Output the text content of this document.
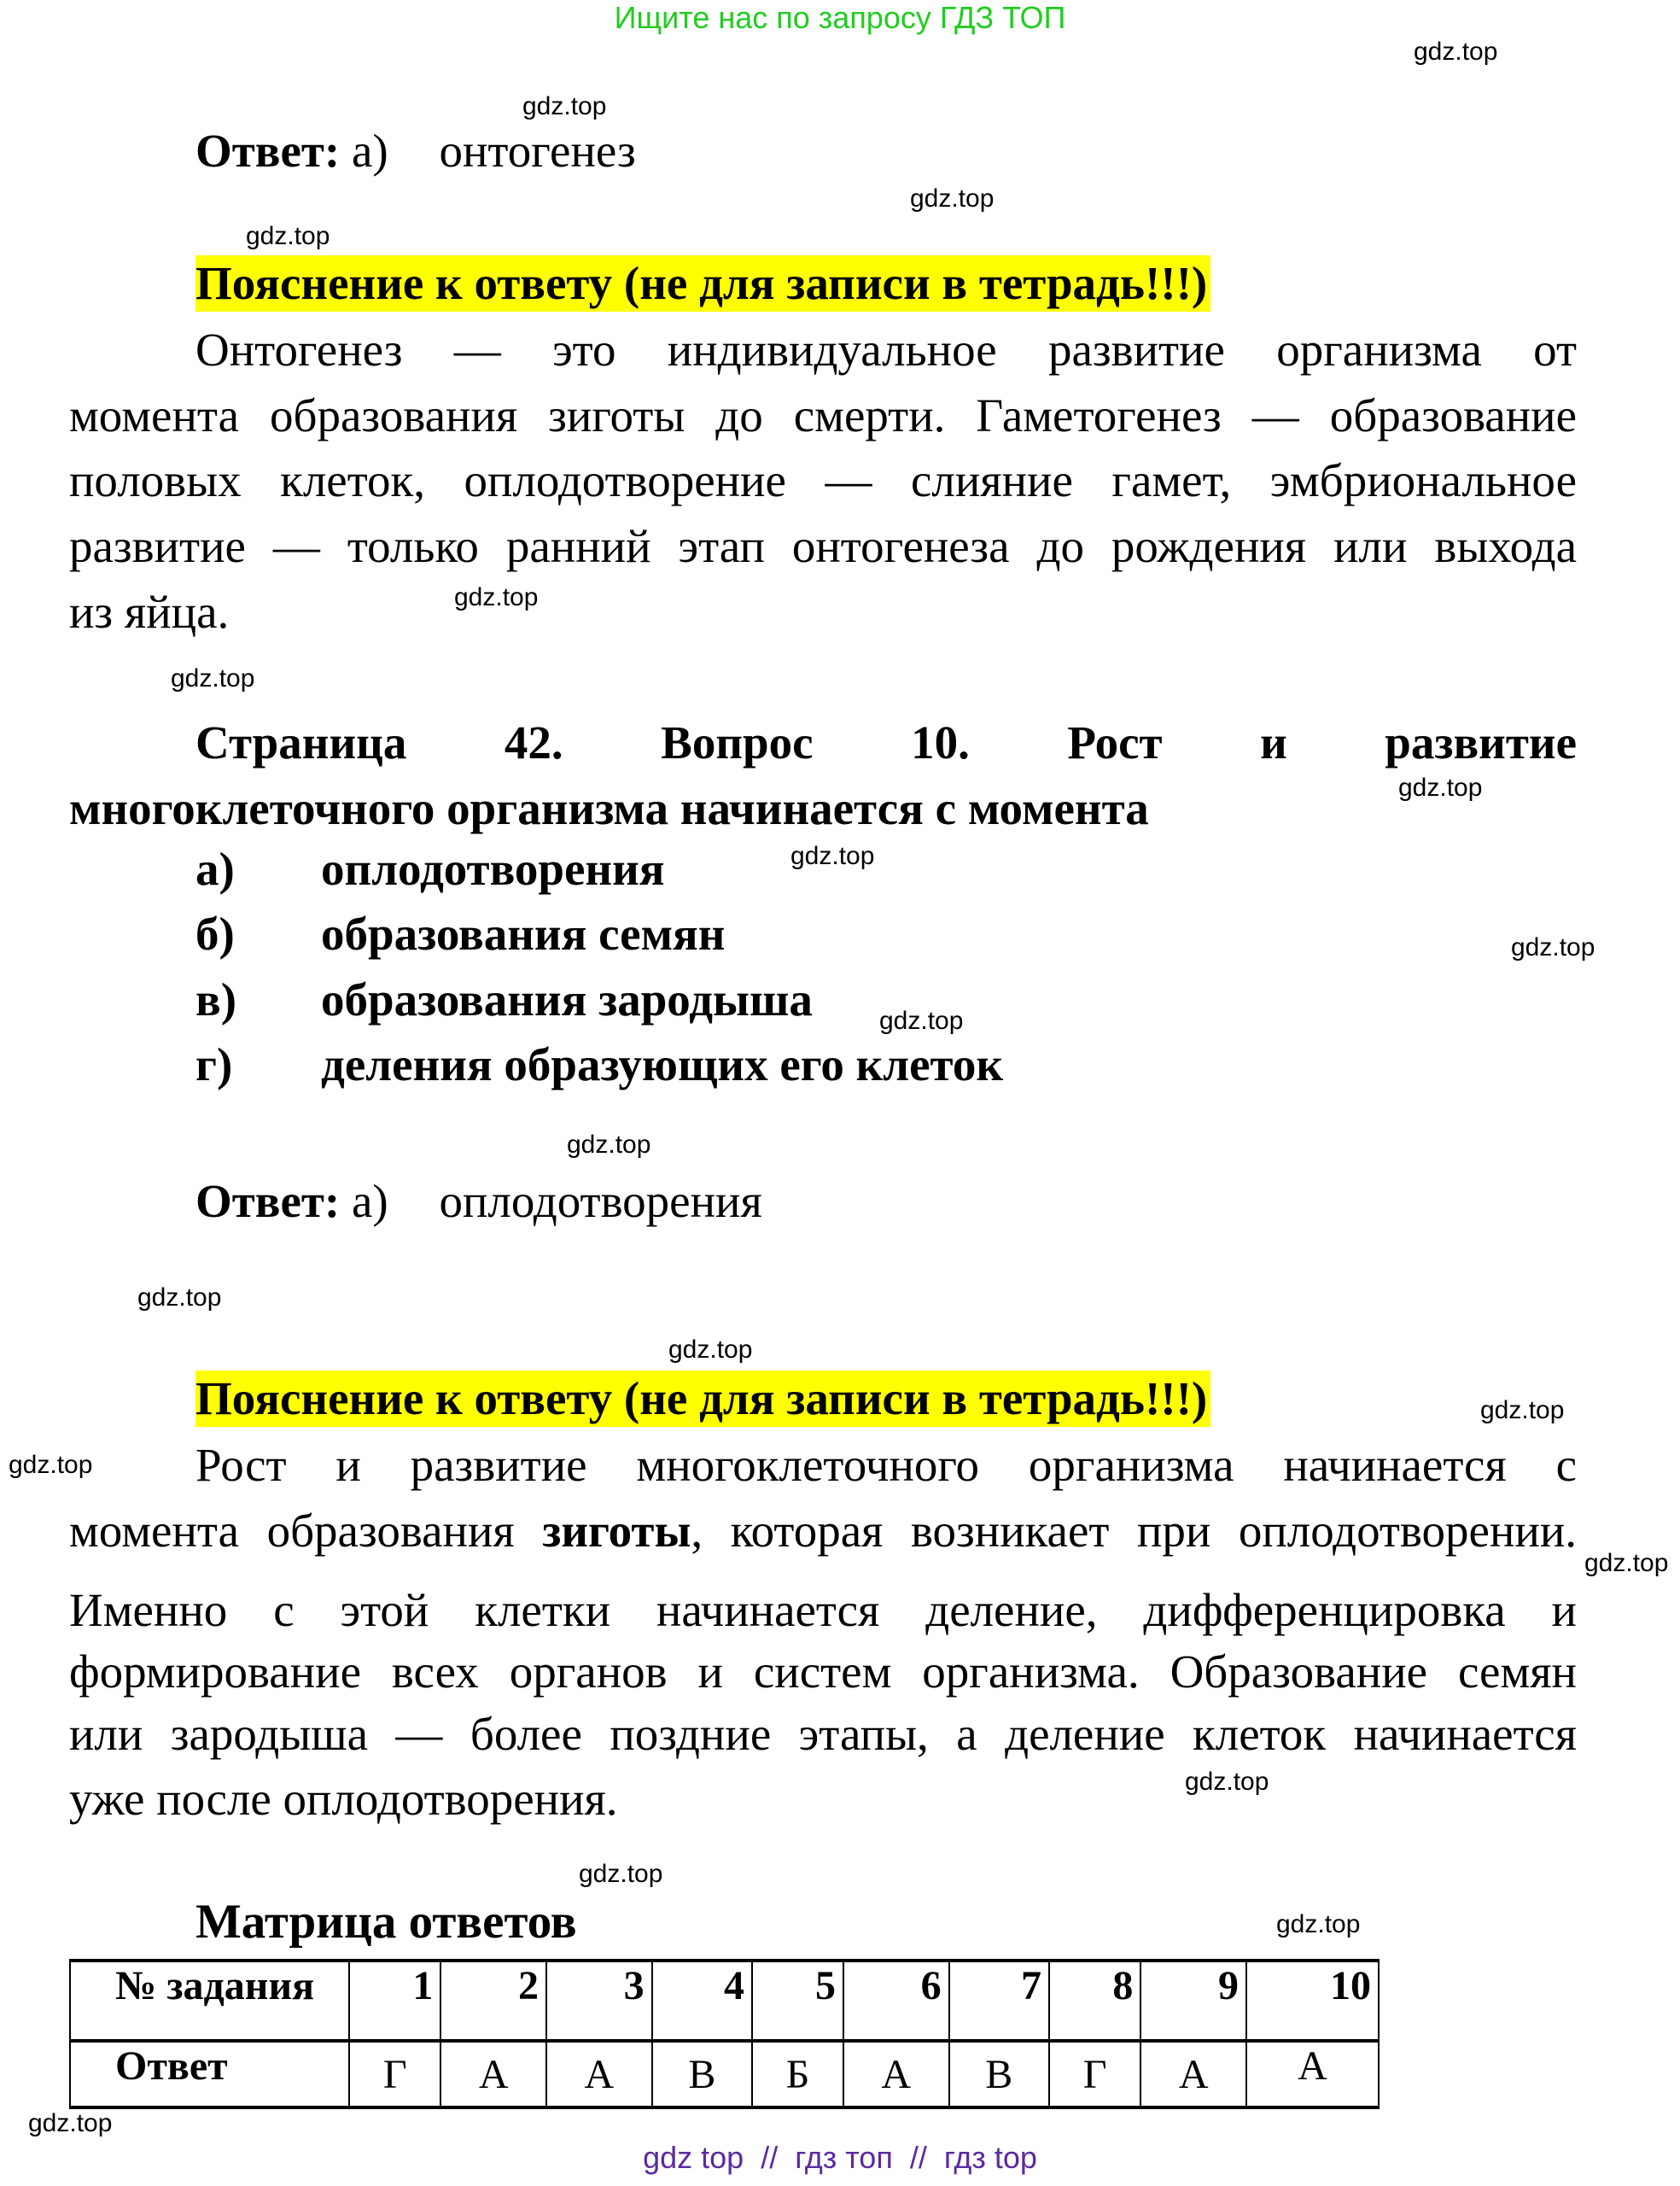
Ищите нас по запросу ГДЗ ТОП
gdz.top
gdz.top
gdz.top
gdz.top
gdz.top
gdz.top
gdz.top
gdz.top
gdz.top
gdz.top
gdz.top
gdz.top
gdz.top
gdz.top
gdz.top
gdz.top
gdz.top
gdz.top
gdz.top
gdz.top
Ответ: а) онтогенез
Пояснение к ответу (не для записи в тетрадь!!!)
Онтогенез — это индивидуальное развитие организма от
момента образования зиготы до смерти. Гаметогенез — образование
половых клеток, оплодотворение — слияние гамет, эмбриональное
развитие — только ранний этап онтогенеза до рождения или выхода
из яйца.
Страница 42. Вопрос 10. Рост и развитие
многоклеточного организма начинается с момента
а) оплодотворения
б) образования семян
в) образования зародыша
г) деления образующих его клеток
Ответ: а) оплодотворения
Пояснение к ответу (не для записи в тетрадь!!!)
Рост и развитие многоклеточного организма начинается с
момента образования зиготы, которая возникает при оплодотворении.
Именно с этой клетки начинается деление, дифференцировка и
формирование всех органов и систем организма. Образование семян
или зародыша — более поздние этапы, а деление клеток начинается
уже после оплодотворения.
Матрица ответов
№ задания	1	2	3	4	5	6	7	8	9	10
Ответ	Г	А	А	В	Б	А	В	Г	А	А
gdz top  //  гдз топ  //  гдз top
